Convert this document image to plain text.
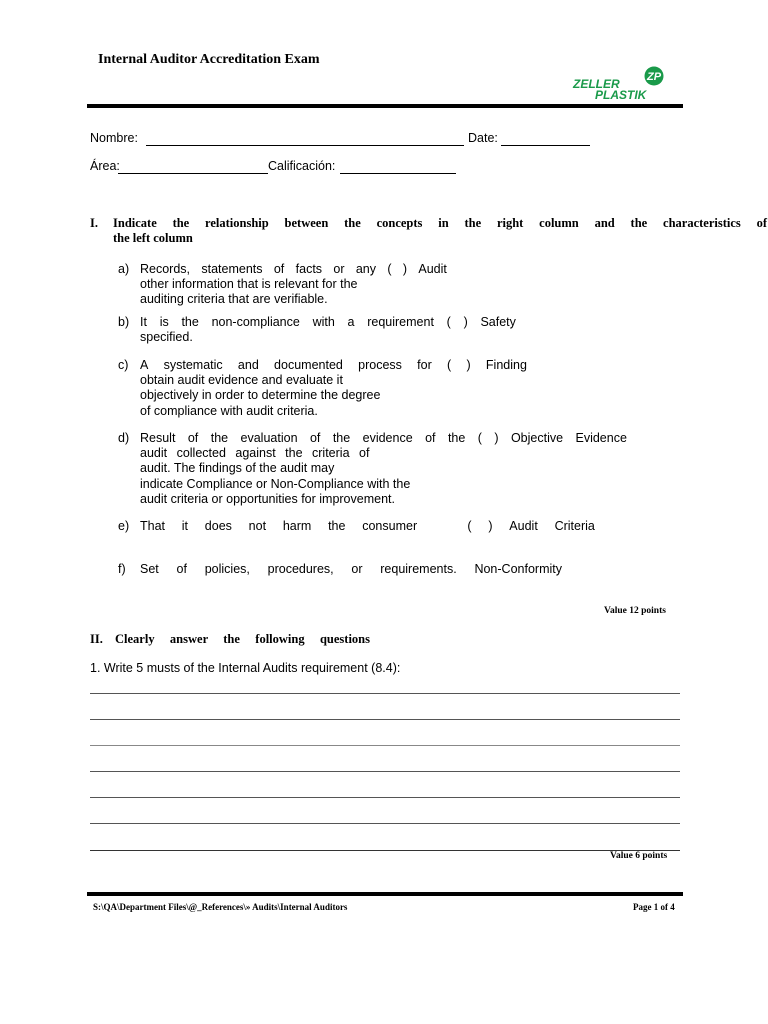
Internal Auditor Accreditation Exam
ZP
ZELLER
PLASTIK
Nombre:	Date:
Área:	Calificación:
I. Indicate the relationship between the concepts in the right column and the characteristics of
the left column
a) Records, statements of facts or any ( ) Audit
other information that is relevant for the
auditing criteria that are verifiable.
b) It is the non-compliance with a requirement ( ) Safety
specified.
c) A systematic and documented process for ( ) Finding
obtain audit evidence and evaluate it
objectively in order to determine the degree
of compliance with audit criteria.
d) Result of the evaluation of the evidence of the ( ) Objective Evidence
audit collected against the criteria of
audit. The findings of the audit may
indicate Compliance or Non-Compliance with the
audit criteria or opportunities for improvement.
e) That it does not harm the consumer	( ) Audit Criteria
f) Set of policies, procedures, or requirements. Non-Conformity
Value 12 points
II. Clearly answer the following questions
1. Write 5 musts of the Internal Audits requirement (8.4):
Value 6 points
S:\QA\Department Files\@_References\» Audits\Internal Auditors	Page 1 of 4
